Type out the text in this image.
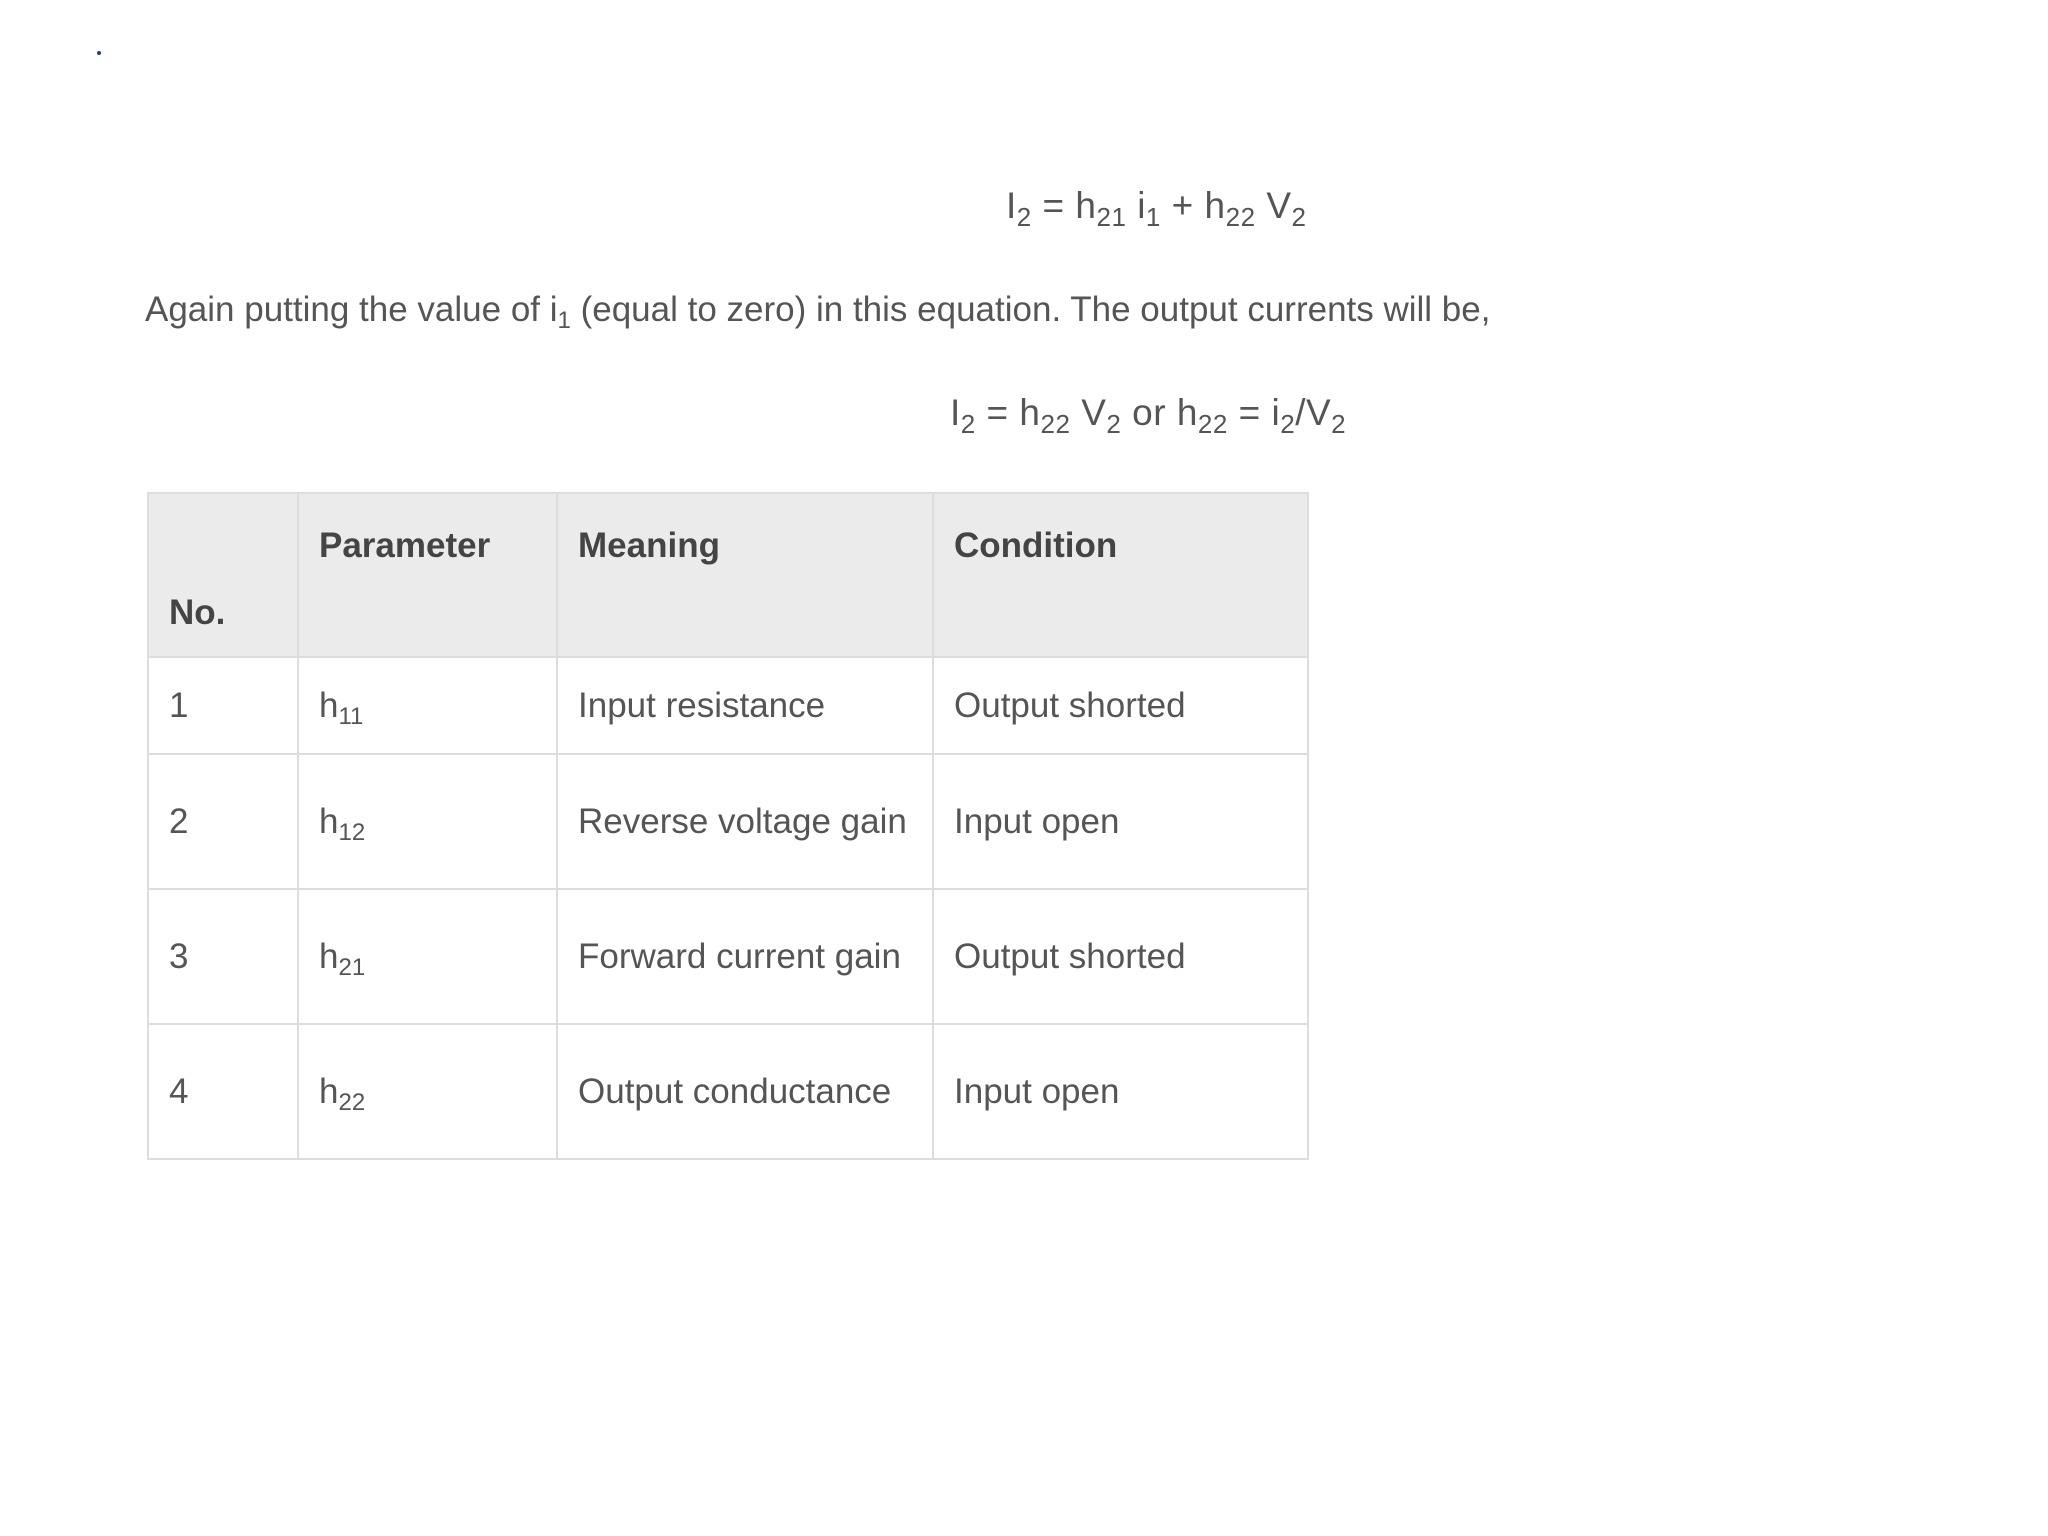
$I_2 = h_{21}$ $i_1 + h_{22}$ $V_2$
Again putting the value of $i_1$ (equal to zero) in this equation. The output currents will be,
$I_2 = h_{22}$ $V_2$ or $h_{22} = i_2/V_2$
No.	Parameter	Meaning	Condition
1	$h_{11}$	Input resistance	Output shorted
2	$h_{12}$	Reverse voltage gain	Input open
3	$h_{21}$	Forward current gain	Output shorted
4	$h_{22}$	Output conductance	Input open
